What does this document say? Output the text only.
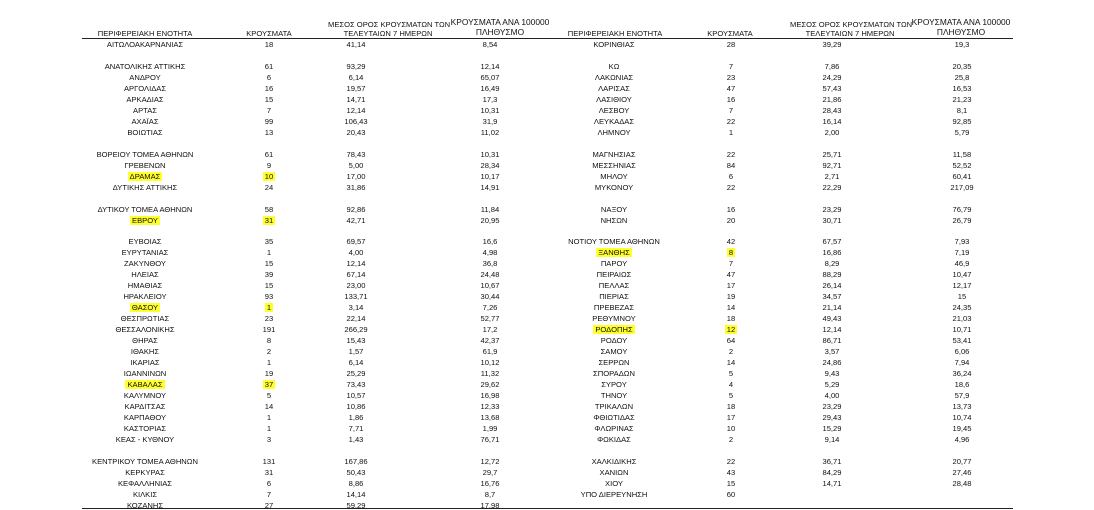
ΠΕΡΙΦΕΡΕΙΑΚΗ ΕΝΟΤΗΤΑ	ΚΡΟΥΣΜΑΤΑ
ΜΕΣΟΣ ΟΡΟΣ ΚΡΟΥΣΜΑΤΩΝ ΤΩΝ
ΤΕΛΕΥΤΑΙΩΝ 7 ΗΜΕΡΩΝ
ΚΡΟΥΣΜΑΤΑ ΑΝΑ 100000
ΠΛΗΘΥΣΜΟ	ΠΕΡΙΦΕΡΕΙΑΚΗ ΕΝΟΤΗΤΑ	ΚΡΟΥΣΜΑΤΑ
ΜΕΣΟΣ ΟΡΟΣ ΚΡΟΥΣΜΑΤΩΝ ΤΩΝ
ΤΕΛΕΥΤΑΙΩΝ 7 ΗΜΕΡΩΝ
ΚΡΟΥΣΜΑΤΑ ΑΝΑ 100000
ΠΛΗΘΥΣΜΟ
ΑΙΤΩΛΟΑΚΑΡΝΑΝΙΑΣ	18	41,14	8,54
ΑΝΑΤΟΛΙΚΗΣ ΑΤΤΙΚΗΣ	61	93,29	12,14
ΑΝΔΡΟΥ	6	6,14	65,07
ΑΡΓΟΛΙΔΑΣ	16	19,57	16,49
ΑΡΚΑΔΙΑΣ	15	14,71	17,3
ΑΡΤΑΣ	7	12,14	10,31
ΑΧΑΪΑΣ	99	106,43	31,9
ΒΟΙΩΤΙΑΣ	13	20,43	11,02
ΒΟΡΕΙΟΥ ΤΟΜΕΑ ΑΘΗΝΩΝ	61	78,43	10,31
ΓΡΕΒΕΝΩΝ	9	5,00	28,34
ΔΡΑΜΑΣ	10	17,00	10,17
ΔΥΤΙΚΗΣ ΑΤΤΙΚΗΣ	24	31,86	14,91
ΔΥΤΙΚΟΥ ΤΟΜΕΑ ΑΘΗΝΩΝ	58	92,86	11,84
ΕΒΡΟΥ	31	42,71	20,95
ΕΥΒΟΙΑΣ	35	69,57	16,6
ΕΥΡΥΤΑΝΙΑΣ	1	4,00	4,98
ΖΑΚΥΝΘΟΥ	15	12,14	36,8
ΗΛΕΙΑΣ	39	67,14	24,48
ΗΜΑΘΙΑΣ	15	23,00	10,67
ΗΡΑΚΛΕΙΟΥ	93	133,71	30,44
ΘΑΣΟΥ	1	3,14	7,26
ΘΕΣΠΡΩΤΙΑΣ	23	22,14	52,77
ΘΕΣΣΑΛΟΝΙΚΗΣ	191	266,29	17,2
ΘΗΡΑΣ	8	15,43	42,37
ΙΘΑΚΗΣ	2	1,57	61,9
ΙΚΑΡΙΑΣ	1	6,14	10,12
ΙΩΑΝΝΙΝΩΝ	19	25,29	11,32
ΚΑΒΑΛΑΣ	37	73,43	29,62
ΚΑΛΥΜΝΟΥ	5	10,57	16,98
ΚΑΡΔΙΤΣΑΣ	14	10,86	12,33
ΚΑΡΠΑΘΟΥ	1	1,86	13,68
ΚΑΣΤΟΡΙΑΣ	1	7,71	1,99
ΚΕΑΣ - ΚΥΘΝΟΥ	3	1,43	76,71
ΚΕΝΤΡΙΚΟΥ ΤΟΜΕΑ ΑΘΗΝΩΝ	131	167,86	12,72
ΚΕΡΚΥΡΑΣ	31	50,43	29,7
ΚΕΦΑΛΛΗΝΙΑΣ	6	8,86	16,76
ΚΙΛΚΙΣ	7	14,14	8,7
ΚΟΖΑΝΗΣ	27	59,29	17,98
ΚΟΡΙΝΘΙΑΣ	28	39,29	19,3
ΚΩ	7	7,86	20,35
ΛΑΚΩΝΙΑΣ	23	24,29	25,8
ΛΑΡΙΣΑΣ	47	57,43	16,53
ΛΑΣΙΘΙΟΥ	16	21,86	21,23
ΛΕΣΒΟΥ	7	28,43	8,1
ΛΕΥΚΑΔΑΣ	22	16,14	92,85
ΛΗΜΝΟΥ	1	2,00	5,79
ΜΑΓΝΗΣΙΑΣ	22	25,71	11,58
ΜΕΣΣΗΝΙΑΣ	84	92,71	52,52
ΜΗΛΟΥ	6	2,71	60,41
ΜΥΚΟΝΟΥ	22	22,29	217,09
ΝΑΞΟΥ	16	23,29	76,79
ΝΗΣΩΝ	20	30,71	26,79
ΝΟΤΙΟΥ ΤΟΜΕΑ ΑΘΗΝΩΝ	42	67,57	7,93
ΞΑΝΘΗΣ	8	16,86	7,19
ΠΑΡΟΥ	7	8,29	46,9
ΠΕΙΡΑΙΩΣ	47	88,29	10,47
ΠΕΛΛΑΣ	17	26,14	12,17
ΠΙΕΡΙΑΣ	19	34,57	15
ΠΡΕΒΕΖΑΣ	14	21,14	24,35
ΡΕΘΥΜΝΟΥ	18	49,43	21,03
ΡΟΔΟΠΗΣ	12	12,14	10,71
ΡΟΔΟΥ	64	86,71	53,41
ΣΑΜΟΥ	2	3,57	6,06
ΣΕΡΡΩΝ	14	24,86	7,94
ΣΠΟΡΑΔΩΝ	5	9,43	36,24
ΣΥΡΟΥ	4	5,29	18,6
ΤΗΝΟΥ	5	4,00	57,9
ΤΡΙΚΑΛΩΝ	18	23,29	13,73
ΦΘΙΩΤΙΔΑΣ	17	29,43	10,74
ΦΛΩΡΙΝΑΣ	10	15,29	19,45
ΦΩΚΙΔΑΣ	2	9,14	4,96
ΧΑΛΚΙΔΙΚΗΣ	22	36,71	20,77
ΧΑΝΙΩΝ	43	84,29	27,46
ΧΙΟΥ	15	14,71	28,48
ΥΠΟ ΔΙΕΡΕΥΝΗΣΗ	60
